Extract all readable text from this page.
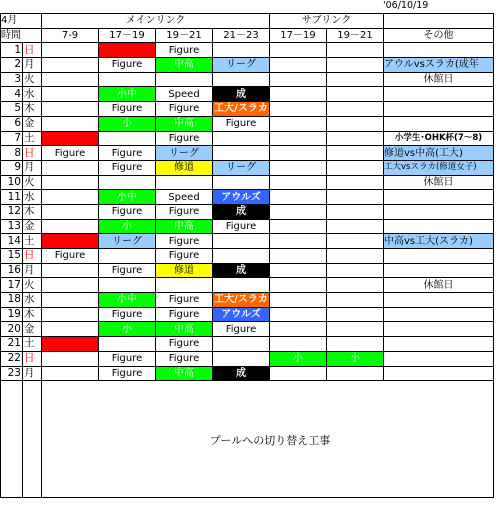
'06/10/19
4月		メインリンク				サブリンク		
時間		7-9	17－19	19－21	21－23	17－19	19－21	その他
1	日			Figure				
2	月		Figure	中高	リーグ			アウルvsスラカ(成年
3	火							休館日
4	水		小中	Speed	成			
5	木		Figure	Figure	工大/スラカ			
6	金		小	中高	Figure			
7	土			Figure				小学生･OHK杯(7～8)
8	日	Figure	Figure	リーグ				修道vs中高(工大)
9	月		Figure	修道	リーグ			工大vsスラカ(修道女子)
10	火							休館日
11	水		小中	Speed	アウルズ			
12	木		Figure	Figure	成			
13	金		小	中高	Figure			
14	土		リーグ	Figure				中高vs工大(スラカ)
15	日	Figure		Figure				
16	月		Figure	修道	成			
17	火							休館日
18	水		小中	Figure	工大/スラカ			
19	木		Figure	Figure	アウルズ			
20	金		小	中高	Figure			
21	土			Figure				
22	日		Figure	Figure		小	小	
23	月		Figure	中高	成			

プールへの切り替え工事
